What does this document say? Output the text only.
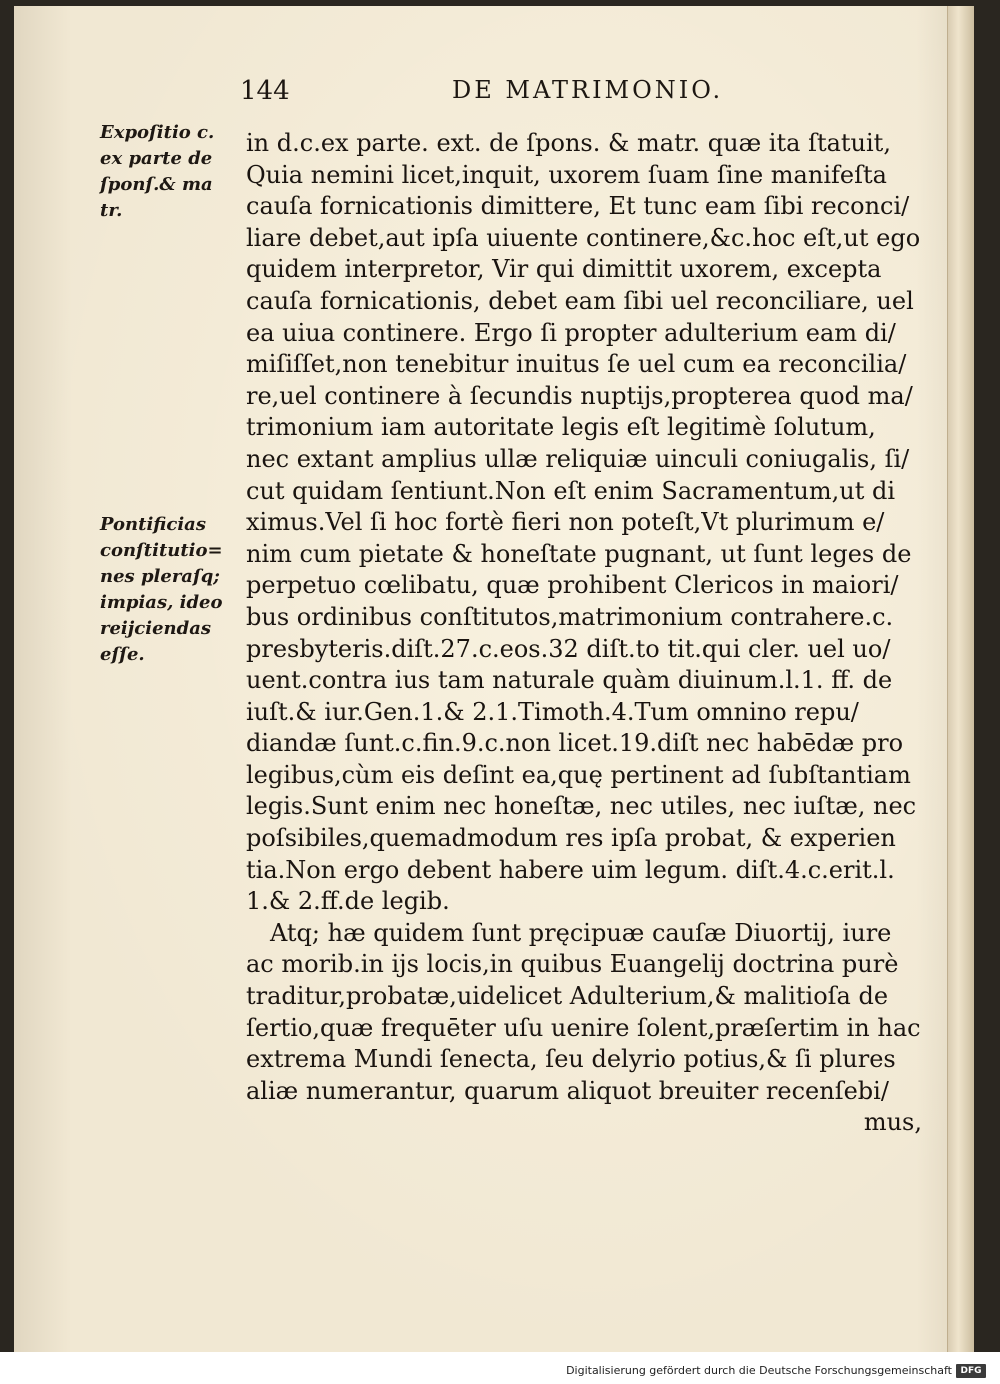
144	DE MATRIMONIO.
Expoſitio c.
ex parte de
ſponſ.& ma
tr.
Pontificias
conſtitutio=
nes pleraſq;
impias, ideo
reijciendas
eſſe.
in d.c.ex parte. ext. de ſpons. & matr. quæ ita ſtatuit,
Quia nemini licet,inquit, uxorem ſuam ſine manifeſta
cauſa fornicationis dimittere, Et tunc eam ſibi reconci/
liare debet,aut ipſa uiuente continere,&c.hoc eſt,ut ego
quidem interpretor, Vir qui dimittit uxorem, excepta
cauſa fornicationis, debet eam ſibi uel reconciliare, uel
ea uiua continere. Ergo ſi propter adulterium eam di/
miſiſſet,non tenebitur inuitus ſe uel cum ea reconcilia/
re,uel continere à ſecundis nuptijs,propterea quod ma/
trimonium iam autoritate legis eſt legitimè ſolutum,
nec extant amplius ullæ reliquiæ uinculi coniugalis, ſi/
cut quidam ſentiunt.Non eſt enim Sacramentum,ut di
ximus.Vel ſi hoc fortè fieri non poteſt,Vt plurimum e/
nim cum pietate & honeſtate pugnant, ut ſunt leges de
perpetuo cœlibatu, quæ prohibent Clericos in maiori/
bus ordinibus conſtitutos,matrimonium contrahere.c.
presbyteris.diſt.27.c.eos.32 diſt.to tit.qui cler. uel uo/
uent.contra ius tam naturale quàm diuinum.l.1. ff. de
iuſt.& iur.Gen.1.& 2.1.Timoth.4.Tum omnino repu/
diandæ ſunt.c.fin.9.c.non licet.19.diſt nec habēdæ pro
legibus,cùm eis deſint ea,quę pertinent ad ſubſtantiam
legis.Sunt enim nec honeſtæ, nec utiles, nec iuſtæ, nec
poſsibiles,quemadmodum res ipſa probat, & experien
tia.Non ergo debent habere uim legum. diſt.4.c.erit.l.
1.& 2.ff.de legib.
Atq; hæ quidem ſunt pręcipuæ cauſæ Diuortij, iure
ac morib.in ijs locis,in quibus Euangelij doctrina purè
traditur,probatæ,uidelicet Adulterium,& malitioſa de
ſertio,quæ frequēter uſu uenire ſolent,præſertim in hac
extrema Mundi ſenecta, ſeu delyrio potius,& ſi plures
aliæ numerantur, quarum aliquot breuiter recenſebi/
mus,
Digitalisierung gefördert durch die Deutsche Forschungsgemeinschaft DFG
